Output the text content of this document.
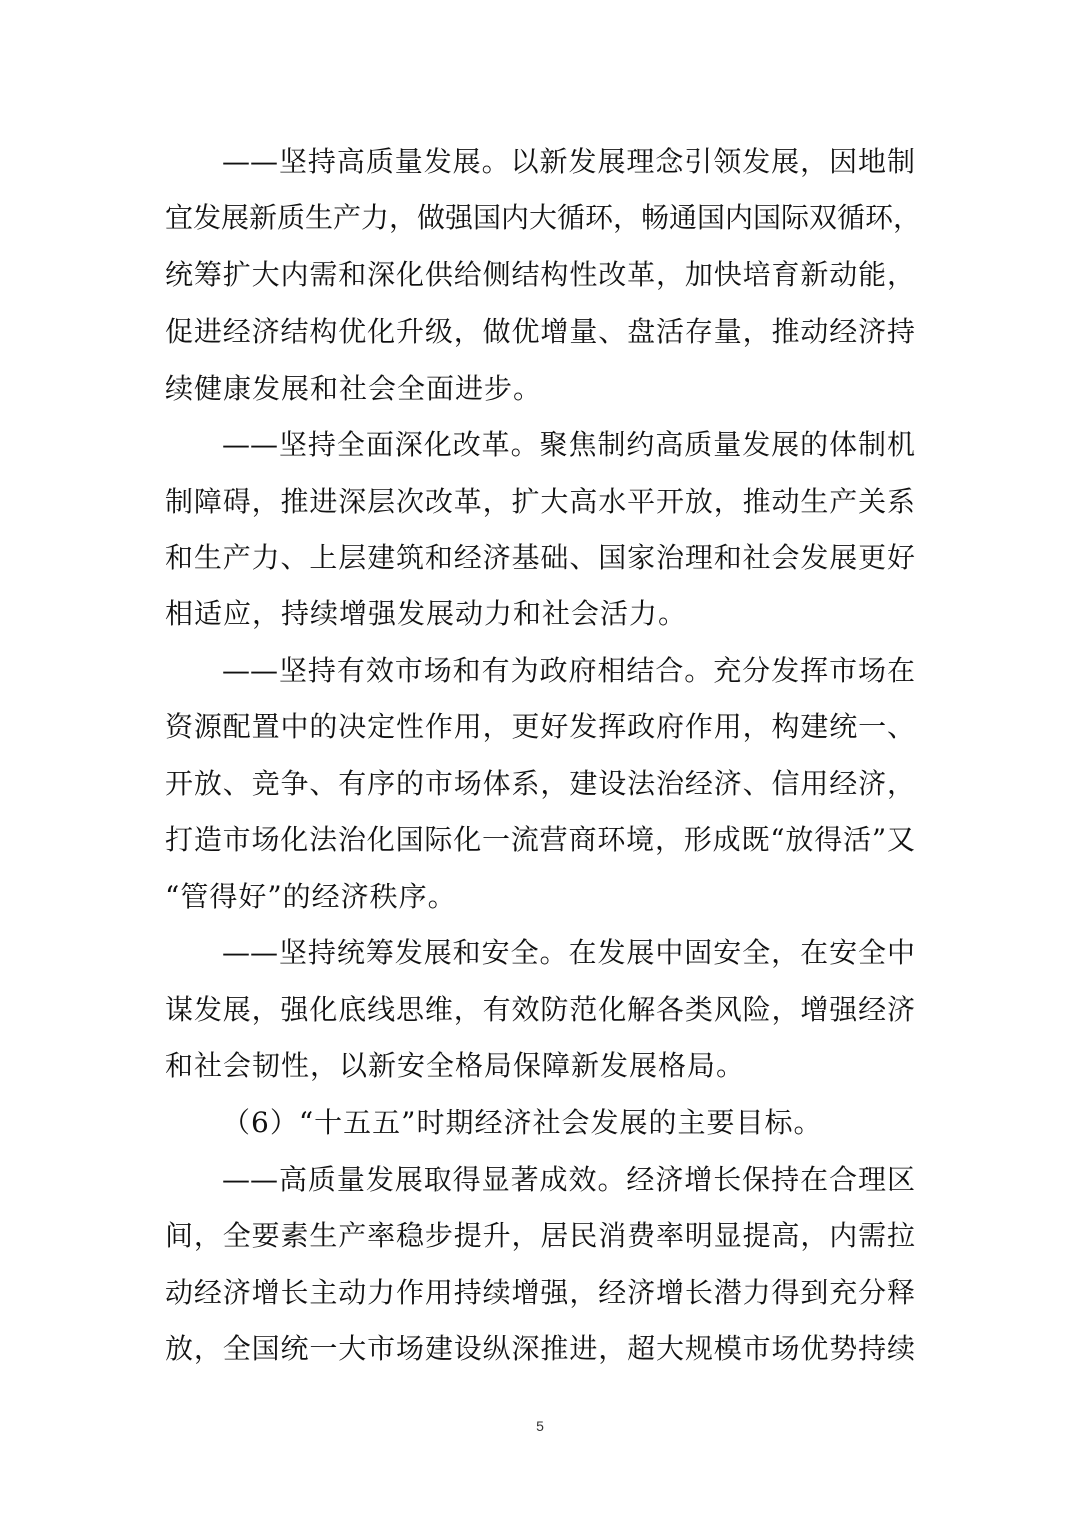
——坚持高质量发展。以新发展理念引领发展，因地制
宜发展新质生产力，做强国内大循环，畅通国内国际双循环，
统筹扩大内需和深化供给侧结构性改革，加快培育新动能，
促进经济结构优化升级，做优增量、盘活存量，推动经济持
续健康发展和社会全面进步。
——坚持全面深化改革。聚焦制约高质量发展的体制机
制障碍，推进深层次改革，扩大高水平开放，推动生产关系
和生产力、上层建筑和经济基础、国家治理和社会发展更好
相适应，持续增强发展动力和社会活力。
——坚持有效市场和有为政府相结合。充分发挥市场在
资源配置中的决定性作用，更好发挥政府作用，构建统一、
开放、竞争、有序的市场体系，建设法治经济、信用经济，
打造市场化法治化国际化一流营商环境，形成既“放得活”又
“管得好”的经济秩序。
——坚持统筹发展和安全。在发展中固安全，在安全中
谋发展，强化底线思维，有效防范化解各类风险，增强经济
和社会韧性，以新安全格局保障新发展格局。
（6）“十五五”时期经济社会发展的主要目标。
——高质量发展取得显著成效。经济增长保持在合理区
间，全要素生产率稳步提升，居民消费率明显提高，内需拉
动经济增长主动力作用持续增强，经济增长潜力得到充分释
放，全国统一大市场建设纵深推进，超大规模市场优势持续
5
